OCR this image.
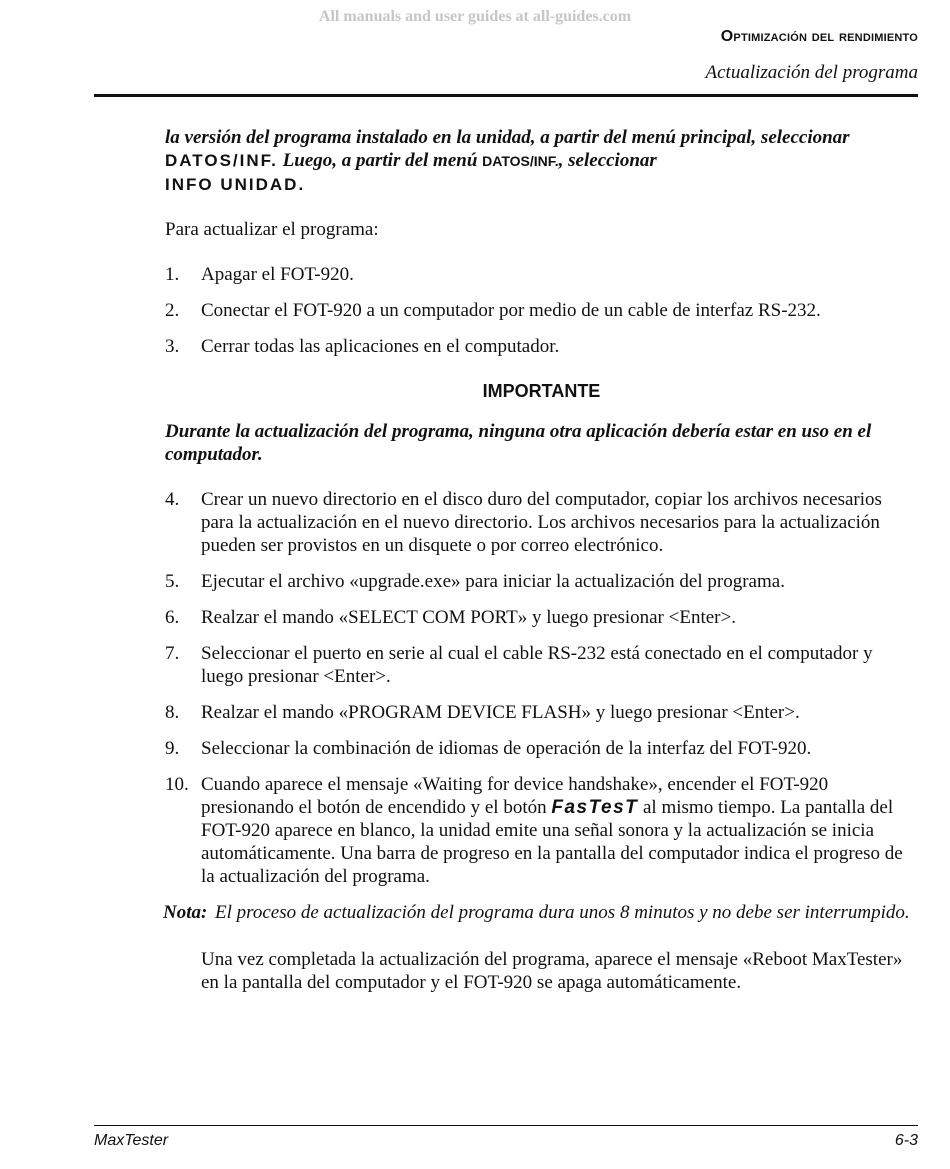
All manuals and user guides at all-guides.com
Optimización del rendimiento
Actualización del programa

la versión del programa instalado en la unidad, a partir del menú principal, seleccionar DATOS/INF. Luego, a partir del menú DATOS/INF., seleccionar
INFO UNIDAD.

Para actualizar el programa:

1. Apagar el FOT-920.
2. Conectar el FOT-920 a un computador por medio de un cable de interfaz RS-232.
3. Cerrar todas las aplicaciones en el computador.
IMPORTANTE

Durante la actualización del programa, ninguna otra aplicación debería estar en uso en el computador.

4. Crear un nuevo directorio en el disco duro del computador, copiar los archivos necesarios para la actualización en el nuevo directorio. Los archivos necesarios para la actualización pueden ser provistos en un disquete o por correo electrónico.
5. Ejecutar el archivo «upgrade.exe» para iniciar la actualización del programa.
6. Realzar el mando «SELECT COM PORT» y luego presionar <Enter>.
7. Seleccionar el puerto en serie al cual el cable RS-232 está conectado en el computador y luego presionar <Enter>.
8. Realzar el mando «PROGRAM DEVICE FLASH» y luego presionar <Enter>.
9. Seleccionar la combinación de idiomas de operación de la interfaz del FOT-920.
10. Cuando aparece el mensaje «Waiting for device handshake», encender el FOT-920 presionando el botón de encendido y el botón FasTesT al mismo tiempo. La pantalla del FOT-920 aparece en blanco, la unidad emite una señal sonora y la actualización se inicia automáticamente. Una barra de progreso en la pantalla del computador indica el progreso de la actualización del programa.
Nota: El proceso de actualización del programa dura unos 8 minutos y no debe ser interrumpido.

Una vez completada la actualización del programa, aparece el mensaje «Reboot MaxTester» en la pantalla del computador y el FOT-920 se apaga automáticamente.

MaxTester	6-3
